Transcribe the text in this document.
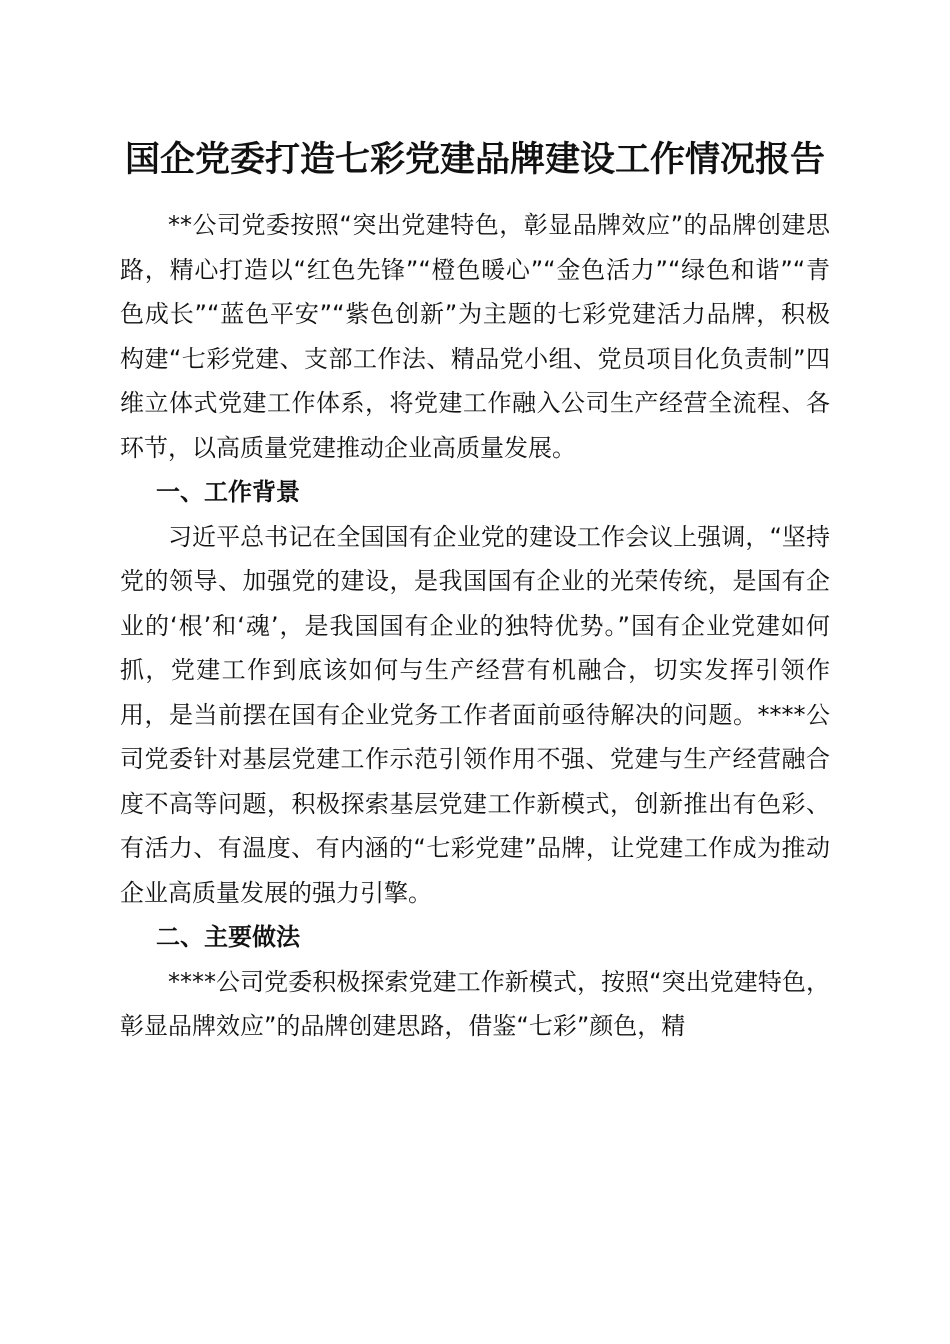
国企党委打造七彩党建品牌建设工作情况报告

**公司党委按照“突出党建特色，彰显品牌效应”的品牌创建思路，精心打造以“红色先锋”“橙色暖心”“金色活力”“绿色和谐”“青色成长”“蓝色平安”“紫色创新”为主题的七彩党建活力品牌，积极构建“七彩党建、支部工作法、精品党小组、党员项目化负责制”四维立体式党建工作体系，将党建工作融入公司生产经营全流程、各环节，以高质量党建推动企业高质量发展。

一、工作背景

习近平总书记在全国国有企业党的建设工作会议上强调，“坚持党的领导、加强党的建设，是我国国有企业的光荣传统，是国有企业的‘根’和‘魂’，是我国国有企业的独特优势。”国有企业党建如何抓，党建工作到底该如何与生产经营有机融合，切实发挥引领作用，是当前摆在国有企业党务工作者面前亟待解决的问题。****公司党委针对基层党建工作示范引领作用不强、党建与生产经营融合度不高等问题，积极探索基层党建工作新模式，创新推出有色彩、有活力、有温度、有内涵的“七彩党建”品牌，让党建工作成为推动企业高质量发展的强力引擎。

二、主要做法

****公司党委积极探索党建工作新模式，按照“突出党建特色，彰显品牌效应”的品牌创建思路，借鉴“七彩”颜色，精
